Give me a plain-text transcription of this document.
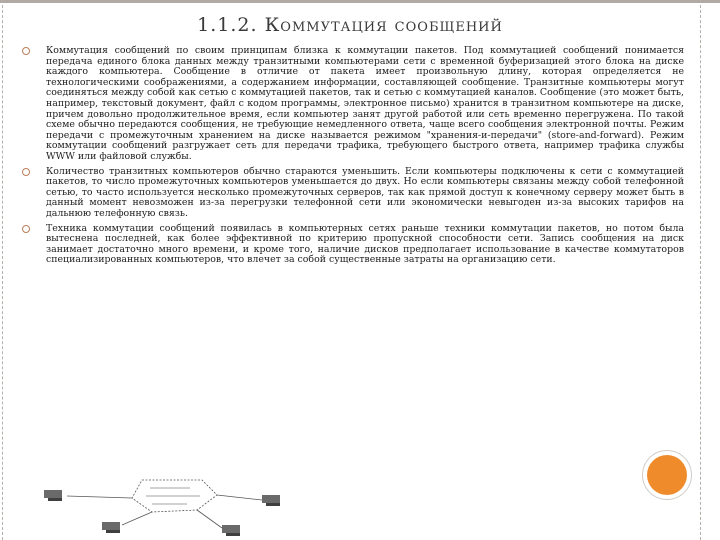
1.1.2. Коммутация сообщений
Коммутация сообщений по своим принципам близка к коммутации пакетов. Под коммутацией сообщений понимается передача единого блока данных между транзитными компьютерами сети с временной буферизацией этого блока на диске каждого компьютера. Сообщение в отличие от пакета имеет произвольную длину, которая определяется не технологическими соображениями, а содержанием информации, составляющей сообщение. Транзитные компьютеры могут соединяться между собой как сетью с коммутацией пакетов, так и сетью с коммутацией каналов. Сообщение (это может быть, например, текстовый документ, файл с кодом программы, электронное письмо) хранится в транзитном компьютере на диске, причем довольно продолжительное время, если компьютер занят другой работой или сеть временно перегружена. По такой схеме обычно передаются сообщения, не требующие немедленного ответа, чаще всего сообщения электронной почты. Режим передачи с промежуточным хранением на диске называется режимом "хранения-и-передачи" (store-and-forward). Режим коммутации сообщений разгружает сеть для передачи трафика, требующего быстрого ответа, например трафика службы WWW или файловой службы.
Количество транзитных компьютеров обычно стараются уменьшить. Если компьютеры подключены к сети с коммутацией пакетов, то число промежуточных компьютеров уменьшается до двух. Но если компьютеры связаны между собой телефонной сетью, то часто используется несколько промежуточных серверов, так как прямой доступ к конечному серверу может быть в данный момент невозможен из-за перегрузки телефонной сети или экономически невыгоден из-за высоких тарифов на дальнюю телефонную связь.
Техника коммутации сообщений появилась в компьютерных сетях раньше техники коммутации пакетов, но потом была вытеснена последней, как более эффективной по критерию пропускной способности сети. Запись сообщения на диск занимает достаточно много времени, и кроме того, наличие дисков предполагает использование в качестве коммутаторов специализированных компьютеров, что влечет за собой существенные затраты на организацию сети.
